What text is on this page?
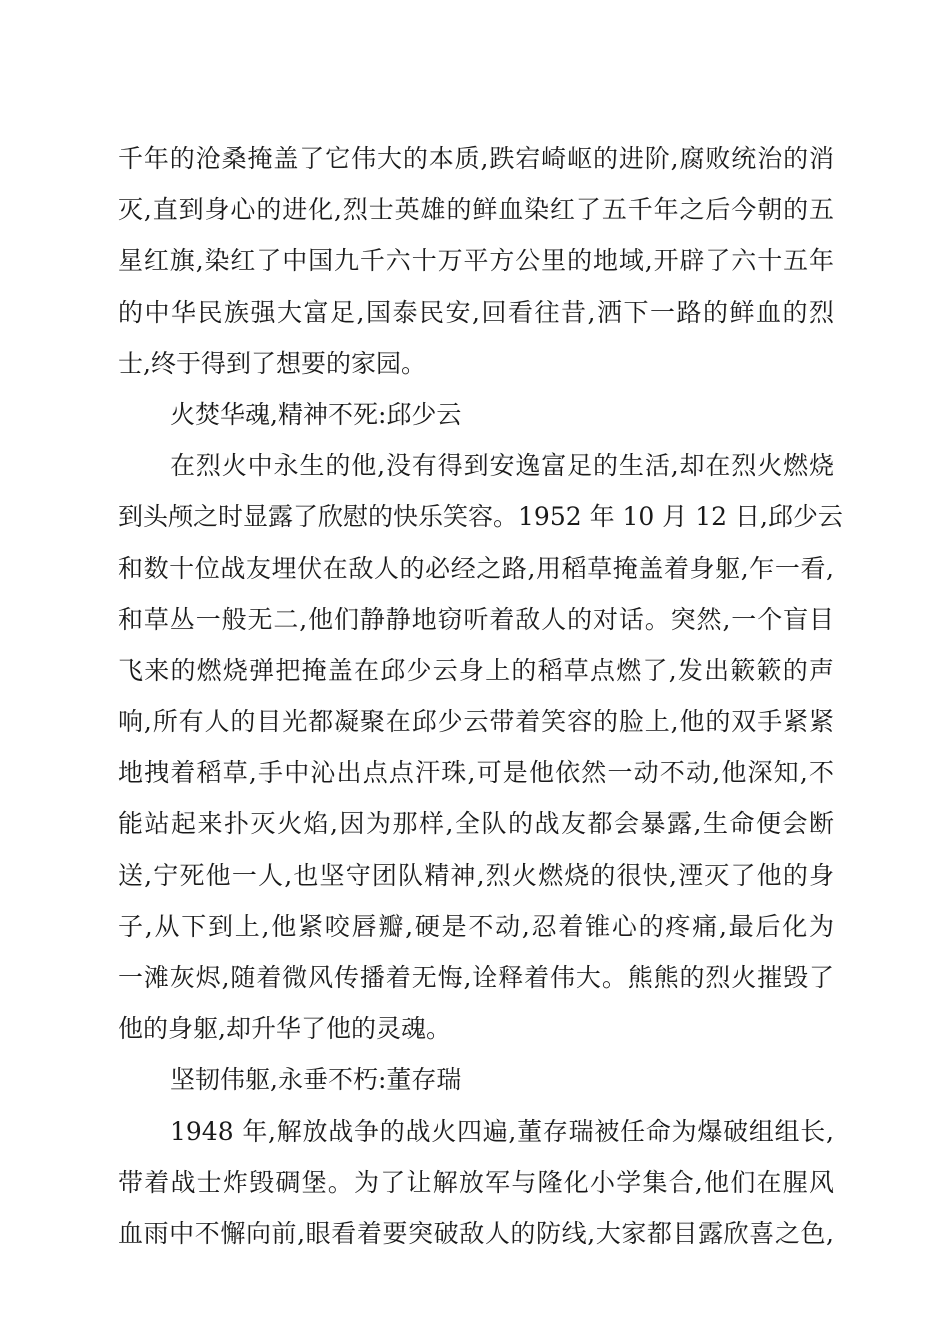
千年的沧桑掩盖了它伟大的本质,跌宕崎岖的进阶,腐败统治的消
灭,直到身心的进化,烈士英雄的鲜血染红了五千年之后今朝的五
星红旗,染红了中国九千六十万平方公里的地域,开辟了六十五年
的中华民族强大富足,国泰民安,回看往昔,洒下一路的鲜血的烈
士,终于得到了想要的家园。
火焚华魂,精神不死:邱少云
在烈火中永生的他,没有得到安逸富足的生活,却在烈火燃烧
到头颅之时显露了欣慰的快乐笑容。1952 年 10 月 12 日,邱少云
和数十位战友埋伏在敌人的必经之路,用稻草掩盖着身躯,乍一看,
和草丛一般无二,他们静静地窃听着敌人的对话。突然,一个盲目
飞来的燃烧弹把掩盖在邱少云身上的稻草点燃了,发出簌簌的声
响,所有人的目光都凝聚在邱少云带着笑容的脸上,他的双手紧紧
地拽着稻草,手中沁出点点汗珠,可是他依然一动不动,他深知,不
能站起来扑灭火焰,因为那样,全队的战友都会暴露,生命便会断
送,宁死他一人,也坚守团队精神,烈火燃烧的很快,湮灭了他的身
子,从下到上,他紧咬唇瓣,硬是不动,忍着锥心的疼痛,最后化为
一滩灰烬,随着微风传播着无悔,诠释着伟大。熊熊的烈火摧毁了
他的身躯,却升华了他的灵魂。
坚韧伟躯,永垂不朽:董存瑞
1948 年,解放战争的战火四遍,董存瑞被任命为爆破组组长,
带着战士炸毁碉堡。为了让解放军与隆化小学集合,他们在腥风
血雨中不懈向前,眼看着要突破敌人的防线,大家都目露欣喜之色,
